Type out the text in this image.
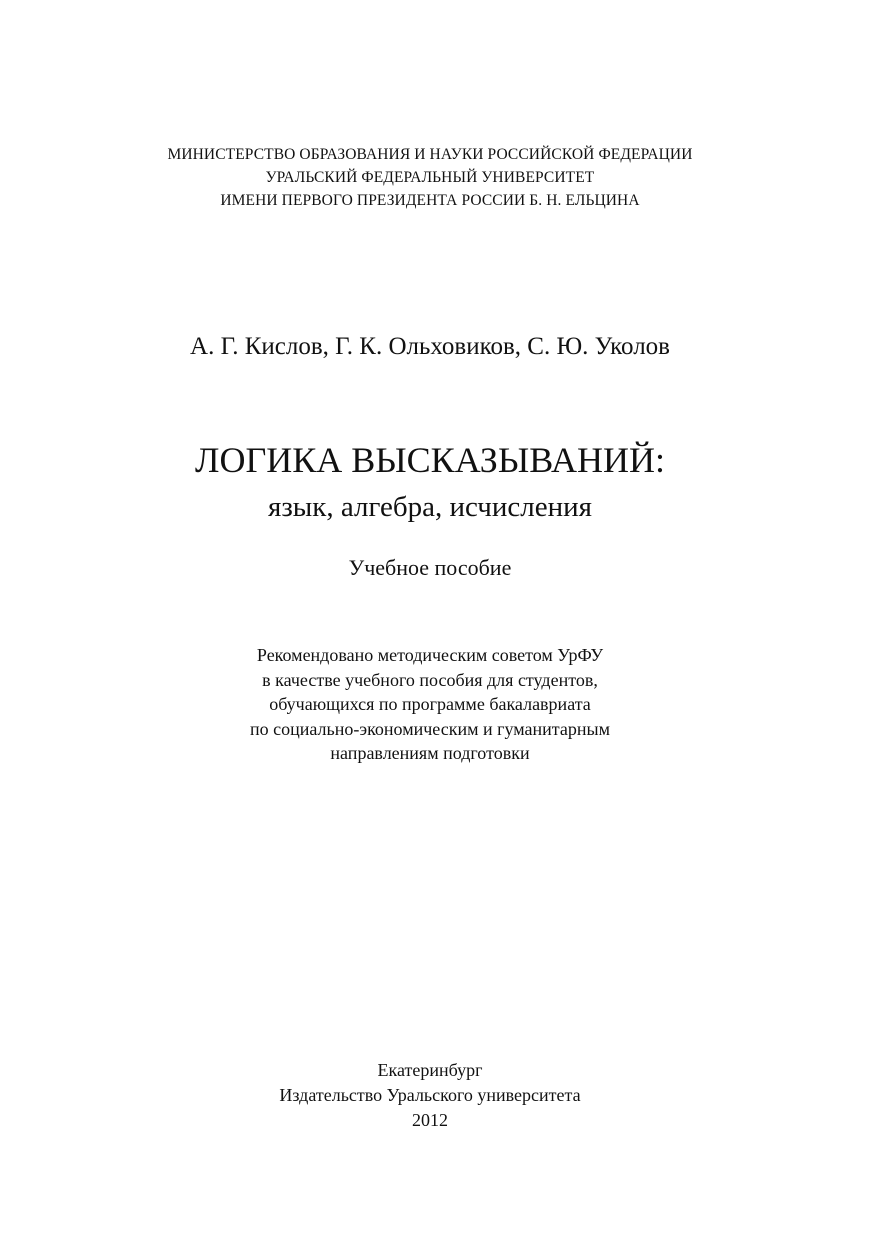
МИНИСТЕРСТВО ОБРАЗОВАНИЯ И НАУКИ РОССИЙСКОЙ ФЕДЕРАЦИИ
УРАЛЬСКИЙ ФЕДЕРАЛЬНЫЙ УНИВЕРСИТЕТ
ИМЕНИ ПЕРВОГО ПРЕЗИДЕНТА РОССИИ Б. Н. ЕЛЬЦИНА
А. Г. Кислов, Г. К. Ольховиков, С. Ю. Уколов
ЛОГИКА ВЫСКАЗЫВАНИЙ:
язык, алгебра, исчисления
Учебное пособие
Рекомендовано методическим советом УрФУ
в качестве учебного пособия для студентов,
обучающихся по программе бакалавриата
по социально-экономическим и гуманитарным
направлениям подготовки
Екатеринбург
Издательство Уральского университета
2012
